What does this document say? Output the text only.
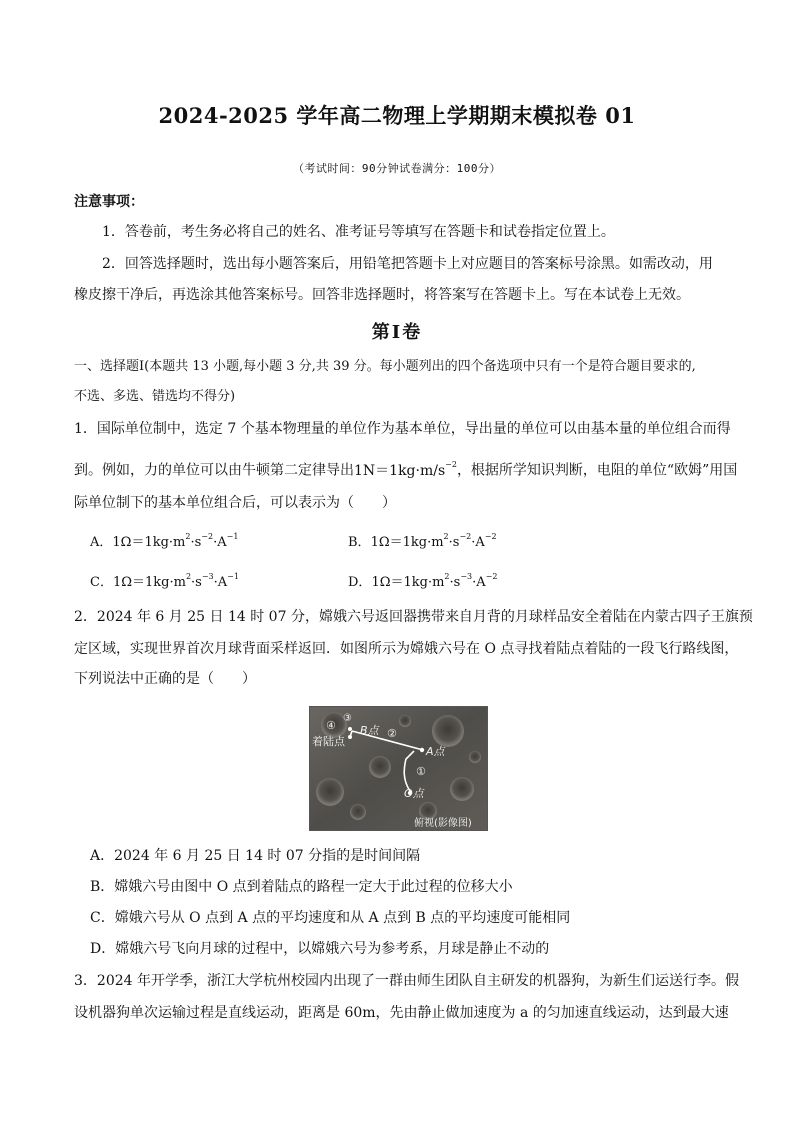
2024-2025 学年高二物理上学期期末模拟卷 01
（考试时间：90分钟试卷满分：100分）
注意事项：
1．答卷前，考生务必将自己的姓名、准考证号等填写在答题卡和试卷指定位置上。
2．回答选择题时，选出每小题答案后，用铅笔把答题卡上对应题目的答案标号涂黑。如需改动，用
橡皮擦干净后，再选涂其他答案标号。回答非选择题时，将答案写在答题卡上。写在本试卷上无效。
第Ⅰ卷
一、选择题Ⅰ(本题共 13 小题,每小题 3 分,共 39 分。每小题列出的四个备选项中只有一个是符合题目要求的,
不选、多选、错选均不得分)
1．国际单位制中，选定 7 个基本物理量的单位作为基本单位，导出量的单位可以由基本量的单位组合而得
到。例如，力的单位可以由牛顿第二定律导出$1N=1kg\cdot m/s^{-2}$，根据所学知识判断，电阻的单位“欧姆”用国
际单位制下的基本单位组合后，可以表示为（　　）
A．$1\Omega=1kg\cdot m^2\cdot s^{-2}\cdot A^{-1}$	B．$1\Omega=1kg\cdot m^2\cdot s^{-2}\cdot A^{-2}$
C．$1\Omega=1kg\cdot m^2\cdot s^{-3}\cdot A^{-1}$	D．$1\Omega=1kg\cdot m^2\cdot s^{-3}\cdot A^{-2}$
2．2024 年 6 月 25 日 14 时 07 分，嫦娥六号返回器携带来自月背的月球样品安全着陆在内蒙古四子王旗预
定区域，实现世界首次月球背面采样返回．如图所示为嫦娥六号在 O 点寻找着陆点着陆的一段飞行路线图，
下列说法中正确的是（　　）
④
③
B点 ②
A点
①
O点
着陆点
俯视(影像图)
A．2024 年 6 月 25 日 14 时 07 分指的是时间间隔
B．嫦娥六号由图中 O 点到着陆点的路程一定大于此过程的位移大小
C．嫦娥六号从 O 点到 A 点的平均速度和从 A 点到 B 点的平均速度可能相同
D．嫦娥六号飞向月球的过程中，以嫦娥六号为参考系，月球是静止不动的
3．2024 年开学季，浙江大学杭州校园内出现了一群由师生团队自主研发的机器狗，为新生们运送行李。假
设机器狗单次运输过程是直线运动，距离是 60m，先由静止做加速度为 a 的匀加速直线运动，达到最大速
